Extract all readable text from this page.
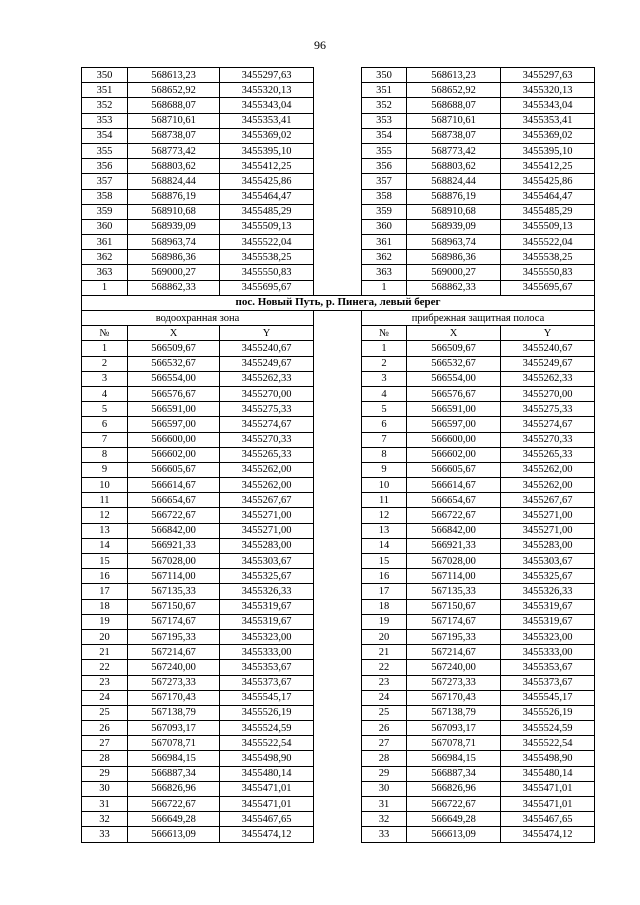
96
350	568613,23	3455297,63		350	568613,23	3455297,63
351	568652,92	3455320,13		351	568652,92	3455320,13
352	568688,07	3455343,04		352	568688,07	3455343,04
353	568710,61	3455353,41		353	568710,61	3455353,41
354	568738,07	3455369,02		354	568738,07	3455369,02
355	568773,42	3455395,10		355	568773,42	3455395,10
356	568803,62	3455412,25		356	568803,62	3455412,25
357	568824,44	3455425,86		357	568824,44	3455425,86
358	568876,19	3455464,47		358	568876,19	3455464,47
359	568910,68	3455485,29		359	568910,68	3455485,29
360	568939,09	3455509,13		360	568939,09	3455509,13
361	568963,74	3455522,04		361	568963,74	3455522,04
362	568986,36	3455538,25		362	568986,36	3455538,25
363	569000,27	3455550,83		363	569000,27	3455550,83
1	568862,33	3455695,67		1	568862,33	3455695,67
пос. Новый Путь, р. Пинега, левый берег						
водоохранная зона				прибрежная защитная полоса		
№	X	Y		№	X	Y
1	566509,67	3455240,67		1	566509,67	3455240,67
2	566532,67	3455249,67		2	566532,67	3455249,67
3	566554,00	3455262,33		3	566554,00	3455262,33
4	566576,67	3455270,00		4	566576,67	3455270,00
5	566591,00	3455275,33		5	566591,00	3455275,33
6	566597,00	3455274,67		6	566597,00	3455274,67
7	566600,00	3455270,33		7	566600,00	3455270,33
8	566602,00	3455265,33		8	566602,00	3455265,33
9	566605,67	3455262,00		9	566605,67	3455262,00
10	566614,67	3455262,00		10	566614,67	3455262,00
11	566654,67	3455267,67		11	566654,67	3455267,67
12	566722,67	3455271,00		12	566722,67	3455271,00
13	566842,00	3455271,00		13	566842,00	3455271,00
14	566921,33	3455283,00		14	566921,33	3455283,00
15	567028,00	3455303,67		15	567028,00	3455303,67
16	567114,00	3455325,67		16	567114,00	3455325,67
17	567135,33	3455326,33		17	567135,33	3455326,33
18	567150,67	3455319,67		18	567150,67	3455319,67
19	567174,67	3455319,67		19	567174,67	3455319,67
20	567195,33	3455323,00		20	567195,33	3455323,00
21	567214,67	3455333,00		21	567214,67	3455333,00
22	567240,00	3455353,67		22	567240,00	3455353,67
23	567273,33	3455373,67		23	567273,33	3455373,67
24	567170,43	3455545,17		24	567170,43	3455545,17
25	567138,79	3455526,19		25	567138,79	3455526,19
26	567093,17	3455524,59		26	567093,17	3455524,59
27	567078,71	3455522,54		27	567078,71	3455522,54
28	566984,15	3455498,90		28	566984,15	3455498,90
29	566887,34	3455480,14		29	566887,34	3455480,14
30	566826,96	3455471,01		30	566826,96	3455471,01
31	566722,67	3455471,01		31	566722,67	3455471,01
32	566649,28	3455467,65		32	566649,28	3455467,65
33	566613,09	3455474,12		33	566613,09	3455474,12
